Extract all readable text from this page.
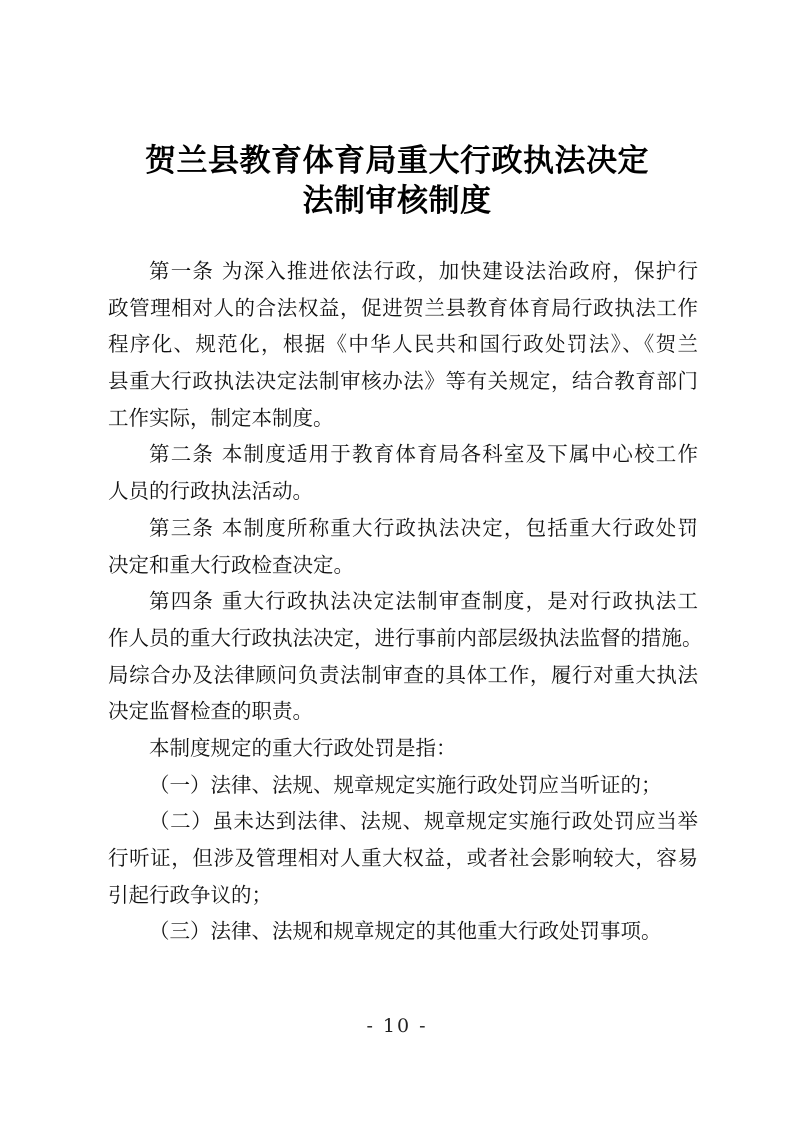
贺兰县教育体育局重大行政执法决定
法制审核制度
第一条 为深入推进依法行政，加快建设法治政府，保护行
政管理相对人的合法权益，促进贺兰县教育体育局行政执法工作
程序化、规范化，根据《中华人民共和国行政处罚法》、《贺兰
县重大行政执法决定法制审核办法》等有关规定，结合教育部门
工作实际，制定本制度。
第二条 本制度适用于教育体育局各科室及下属中心校工作
人员的行政执法活动。
第三条 本制度所称重大行政执法决定，包括重大行政处罚
决定和重大行政检查决定。
第四条 重大行政执法决定法制审查制度，是对行政执法工
作人员的重大行政执法决定，进行事前内部层级执法监督的措施。
局综合办及法律顾问负责法制审查的具体工作，履行对重大执法
决定监督检查的职责。
本制度规定的重大行政处罚是指：
（一）法律、法规、规章规定实施行政处罚应当听证的；
（二）虽未达到法律、法规、规章规定实施行政处罚应当举
行听证，但涉及管理相对人重大权益，或者社会影响较大，容易
引起行政争议的；
（三）法律、法规和规章规定的其他重大行政处罚事项。
- 10 -
